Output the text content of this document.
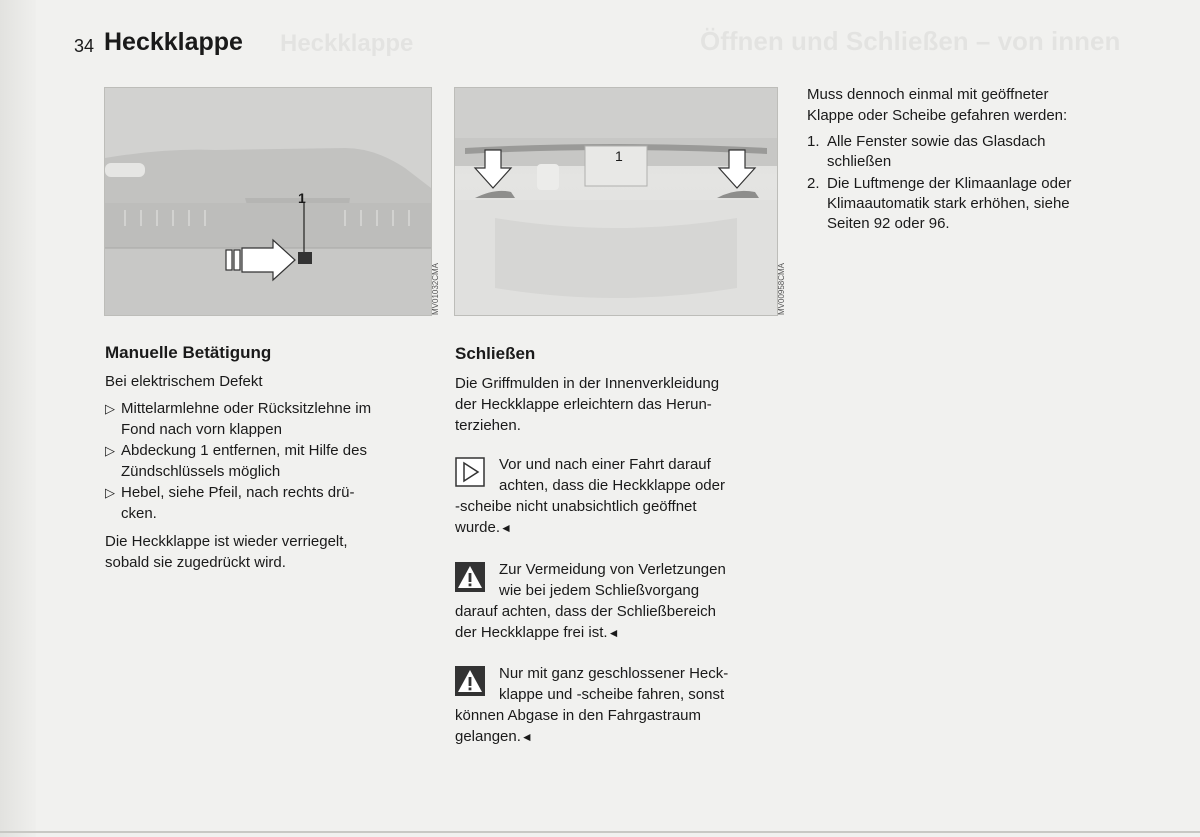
Öffnen und Schließen – von innen
Heckklappe
34 Heckklappe
1
MV01032CMA
1
MV00958CMA
Manuelle Betätigung
Bei elektrischem Defekt
▷ Mittelarmlehne oder Rücksitzlehne im
Fond nach vorn klappen
▷ Abdeckung 1 entfernen, mit Hilfe des
Zündschlüssels möglich
▷ Hebel, siehe Pfeil, nach rechts drü-
cken.
Die Heckklappe ist wieder verriegelt,
sobald sie zugedrückt wird.
Schließen
Die Griffmulden in der Innenverkleidung
der Heckklappe erleichtern das Herun-
terziehen.
Vor und nach einer Fahrt darauf
achten, dass die Heckklappe oder
-scheibe nicht unabsichtlich geöffnet
wurde.◄
Zur Vermeidung von Verletzungen
wie bei jedem Schließvorgang
darauf achten, dass der Schließbereich
der Heckklappe frei ist.◄
Nur mit ganz geschlossener Heck-
klappe und -scheibe fahren, sonst
können Abgase in den Fahrgastraum
gelangen.◄
Muss dennoch einmal mit geöffneter
Klappe oder Scheibe gefahren werden:
1. Alle Fenster sowie das Glasdach
schließen
2. Die Luftmenge der Klimaanlage oder
Klimaautomatik stark erhöhen, siehe
Seiten 92 oder 96.
